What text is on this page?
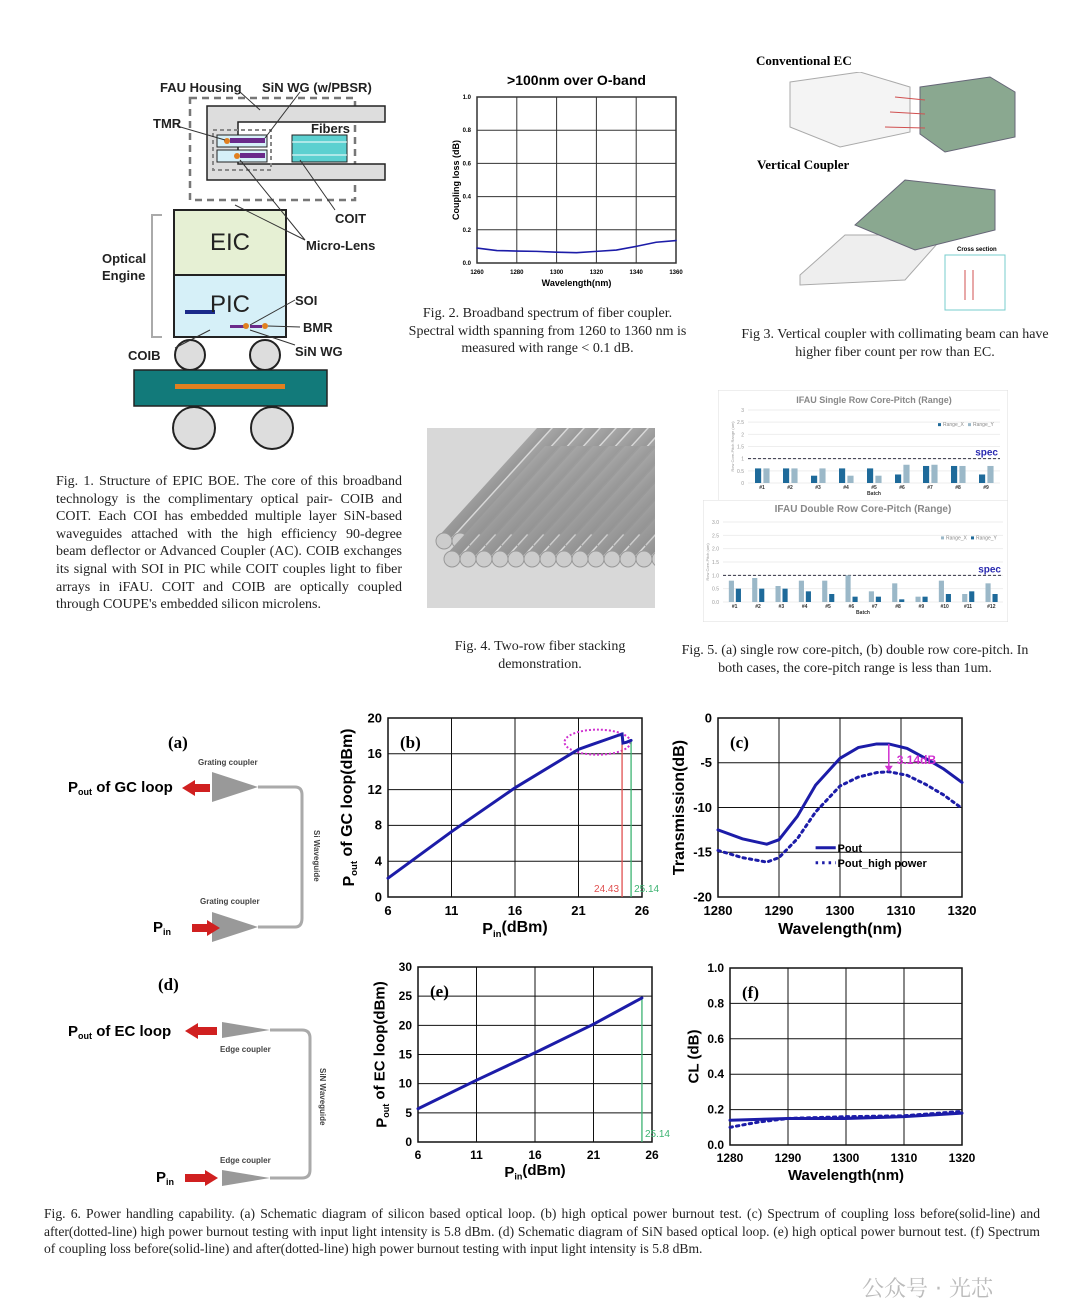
FAU Housing SiN WG (w/PBSR)
TMR	Fibers
COIT
Micro-Lens
Optical
Engine
SOI
BMR
COIB	SiN WG
EIC
PIC
Fig. 1. Structure of EPIC BOE. The core of this broadband technology is the complimentary optical pair- COIB and COIT. Each COI has embedded multiple layer SiN-based waveguides attached with the high efficiency 90-degree beam deflector or Advanced Coupler (AC). COIB exchanges its signal with SOI in PIC while COIT couples light to fiber arrays in iFAU. COIT and COIB are optically coupled through COUPE's embedded silicon microlens.
1260	1280	1300	1320	1340	1360
0.0
0.2
0.4
0.6
0.8
1.0
>100nm over O-band
Wavelength(nm)
Coupling loss (dB)
Fig. 2. Broadband spectrum of fiber coupler. Spectral width spanning from 1260 to 1360 nm is measured with range < 0.1 dB.
Conventional EC
Vertical Coupler
Cross section
Fig 3. Vertical coupler with collimating beam can have higher fiber count per row than EC.
Fig. 4. Two-row fiber stacking demonstration.
0
0.5
1
1.5
2
2.5
3
IFAU Single Row Core-Pitch (Range)
Row Core-Pitch Range (um)	spec
#1	#2	#3	#4	#5	#6	#7	#8	#9
Batch
Range_X Range_Y
0.0
0.5
1.0
1.5
2.0
2.5
3.0
IFAU Double Row Core-Pitch (Range)
Row Core-Pitch (um)	spec
#1	#2	#3	#4	#5	#6	#7	#8	#9	#10	#11	#12
Batch
Range_X Range_Y
Fig. 5. (a) single row core-pitch, (b) double row core-pitch. In both cases, the core-pitch range is less than 1um.
(a)
Grating coupler
Grating coupler
Si Waveguide
$P_{out}$ of GC loop
$P_{in}$
(d)
Edge coupler
Edge coupler
SiN Waveguide
$P_{out}$ of EC loop
$P_{in}$
6	11	16	21	26
0
4
8
12
16
20
Pin(dBm)
Pout of GC loop(dBm)	(b)
24.43 25.14
1280 1290 1300 1310 1320
-20
-15
-10
-5
0
Wavelength(nm)
Transmission(dB) (c)
3.14dB
Pout
Pout_high power
6	11	16	21	26
0
5
10
15
20
25
30
Pin(dBm)
Pout of EC loop(dBm) (e)
25.14
1280	1290	1300	1310	1320
0.0
0.2
0.4
0.6
0.8
1.0
Wavelength(nm)
CL (dB)
(f)
Fig. 6. Power handling capability. (a) Schematic diagram of silicon based optical loop. (b) high optical power burnout test. (c) Spectrum of coupling loss before(solid-line) and after(dotted-line) high power burnout testing with input light intensity is 5.8 dBm. (d) Schematic diagram of SiN based optical loop. (e) high optical power burnout test. (f) Spectrum of coupling loss before(solid-line) and after(dotted-line) high power burnout testing with input light intensity is 5.8 dBm.
公众号 · 光芯
